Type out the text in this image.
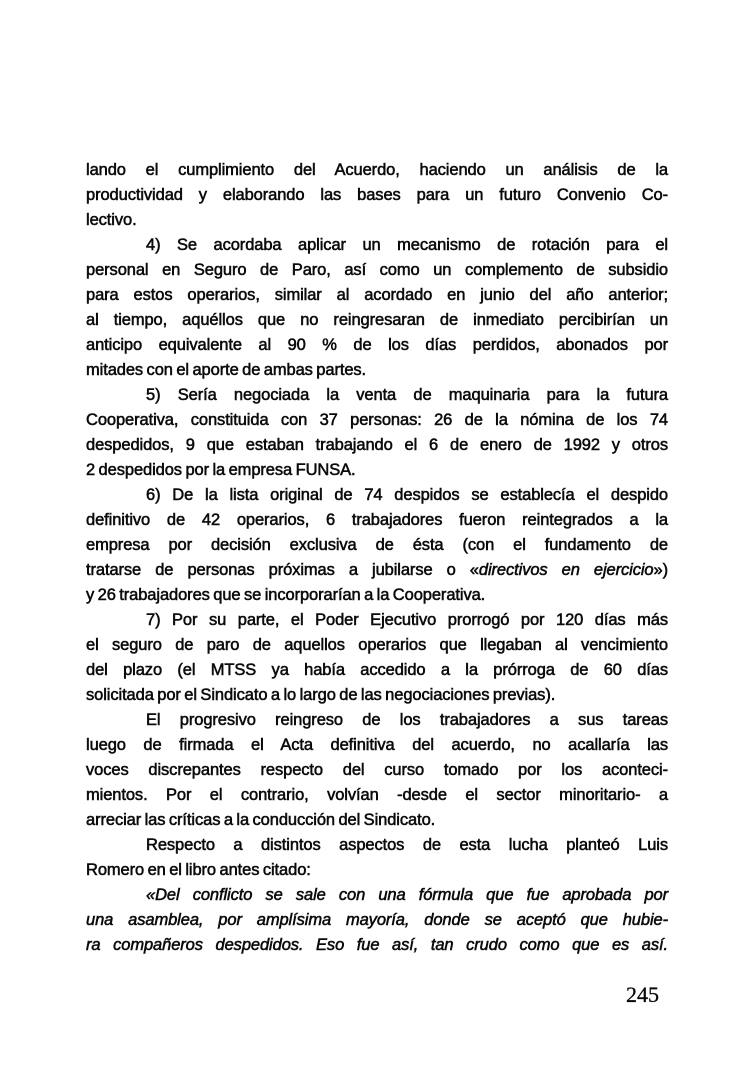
lando el cumplimiento del Acuerdo, haciendo un análisis de la
productividad y elaborando las bases para un futuro Convenio Co-
lectivo.

4) Se acordaba aplicar un mecanismo de rotación para el
personal en Seguro de Paro, así como un complemento de subsidio
para estos operarios, similar al acordado en junio del año anterior;
al tiempo, aquéllos que no reingresaran de inmediato percibirían un
anticipo equivalente al 90 % de los días perdidos, abonados por
mitades con el aporte de ambas partes.

5) Sería negociada la venta de maquinaria para la futura
Cooperativa, constituida con 37 personas: 26 de la nómina de los 74
despedidos, 9 que estaban trabajando el 6 de enero de 1992 y otros
2 despedidos por la empresa FUNSA.

6) De la lista original de 74 despidos se establecía el despido
definitivo de 42 operarios, 6 trabajadores fueron reintegrados a la
empresa por decisión exclusiva de ésta (con el fundamento de
tratarse de personas próximas a jubilarse o «directivos en ejercicio»)
y 26 trabajadores que se incorporarían a la Cooperativa.

7) Por su parte, el Poder Ejecutivo prorrogó por 120 días más
el seguro de paro de aquellos operarios que llegaban al vencimiento
del plazo (el MTSS ya había accedido a la prórroga de 60 días
solicitada por el Sindicato a lo largo de las negociaciones previas).

El progresivo reingreso de los trabajadores a sus tareas
luego de firmada el Acta definitiva del acuerdo, no acallaría las
voces discrepantes respecto del curso tomado por los aconteci-
mientos. Por el contrario, volvían -desde el sector minoritario- a
arreciar las críticas a la conducción del Sindicato.

Respecto a distintos aspectos de esta lucha planteó Luis
Romero en el libro antes citado:

«Del conflicto se sale con una fórmula que fue aprobada por
una asamblea, por amplísima mayoría, donde se aceptó que hubie-
ra compañeros despedidos. Eso fue así, tan crudo como que es así.

245
